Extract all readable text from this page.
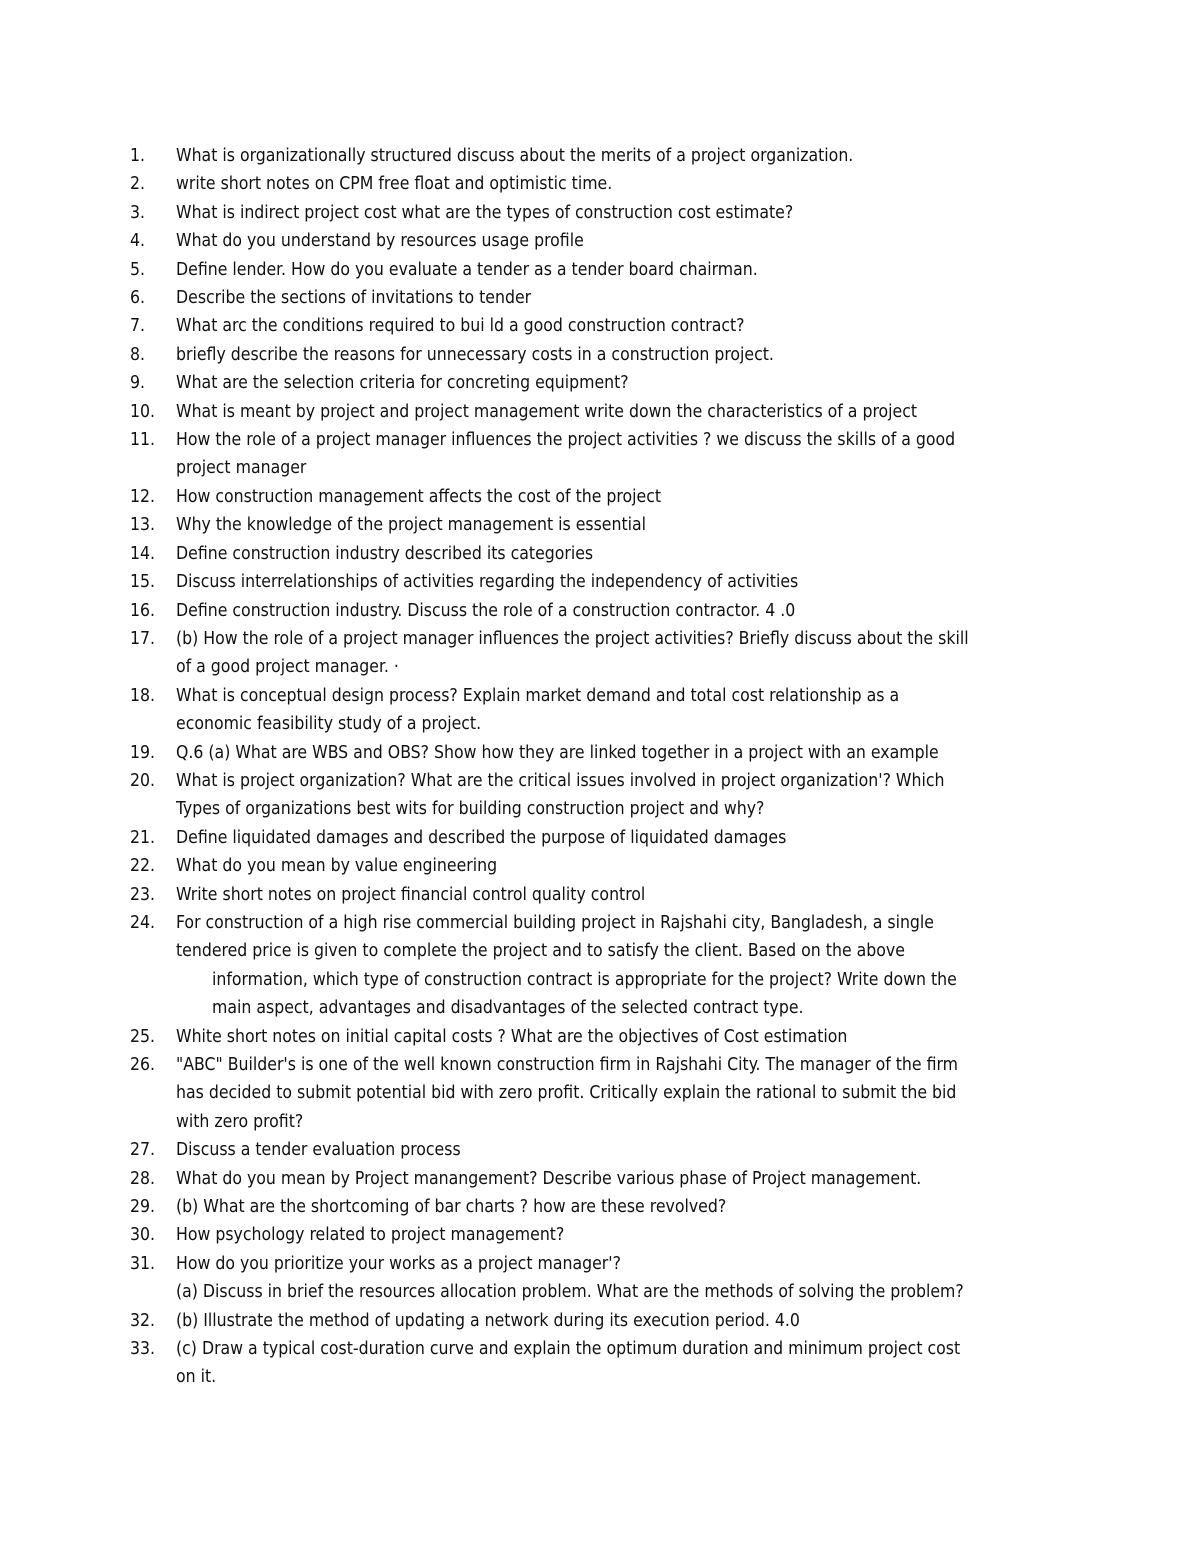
1.	What is organizationally structured discuss about the merits of a project organization.
2.	write short notes on CPM free float and optimistic time.
3.	What is indirect project cost what are the types of construction cost estimate?
4.	What do you understand by resources usage profile
5.	Define lender. How do you evaluate a tender as a tender board chairman.
6.	Describe the sections of invitations to tender
7.	What arc the conditions required to bui ld a good construction contract?
8.	briefly describe the reasons for unnecessary costs in a construction project.
9.	What are the selection criteria for concreting equipment?
10.	What is meant by project and project management write down the characteristics of a project
11.	How the role of a project manager influences the project activities ? we discuss the skills of a good
project manager
12.	How construction management affects the cost of the project
13.	Why the knowledge of the project management is essential
14.	Define construction industry described its categories
15.	Discuss interrelationships of activities regarding the independency of activities
16.	Define construction industry. Discuss the role of a construction contractor. 4 .0
17.	(b) How the role of a project manager influences the project activities? Briefly discuss about the skill
of a good project manager. ·
18.	What is conceptual design process? Explain market demand and total cost relationship as a
economic feasibility study of a project.
19.	Q.6 (a) What are WBS and OBS? Show how they are linked together in a project with an example
20.	What is project organization? What are the critical issues involved in project organization'? Which
Types of organizations best wits for building construction project and why?
21.	Define liquidated damages and described the purpose of liquidated damages
22.	What do you mean by value engineering
23.	Write short notes on project financial control quality control
24.	For construction of a high rise commercial building project in Rajshahi city, Bangladesh, a single
tendered price is given to complete the project and to satisfy the client. Based on the above
information, which type of construction contract is appropriate for the project? Write down the
main aspect, advantages and disadvantages of the selected contract type.
25.	White short notes on initial capital costs ? What are the objectives of Cost estimation
26.	"ABC" Builder's is one of the well known construction firm in Rajshahi City. The manager of the firm
has decided to submit potential bid with zero profit. Critically explain the rational to submit the bid
with zero profit?
27.	Discuss a tender evaluation process
28.	What do you mean by Project manangement? Describe various phase of Project management.
29.	(b) What are the shortcoming of bar charts ? how are these revolved?
30.	How psychology related to project management?
31.	How do you prioritize your works as a project manager'?
(a) Discuss in brief the resources allocation problem. What are the methods of solving the problem?
32.	(b) Illustrate the method of updating a network during its execution period. 4.0
33.	(c) Draw a typical cost-duration curve and explain the optimum duration and minimum project cost
on it.
